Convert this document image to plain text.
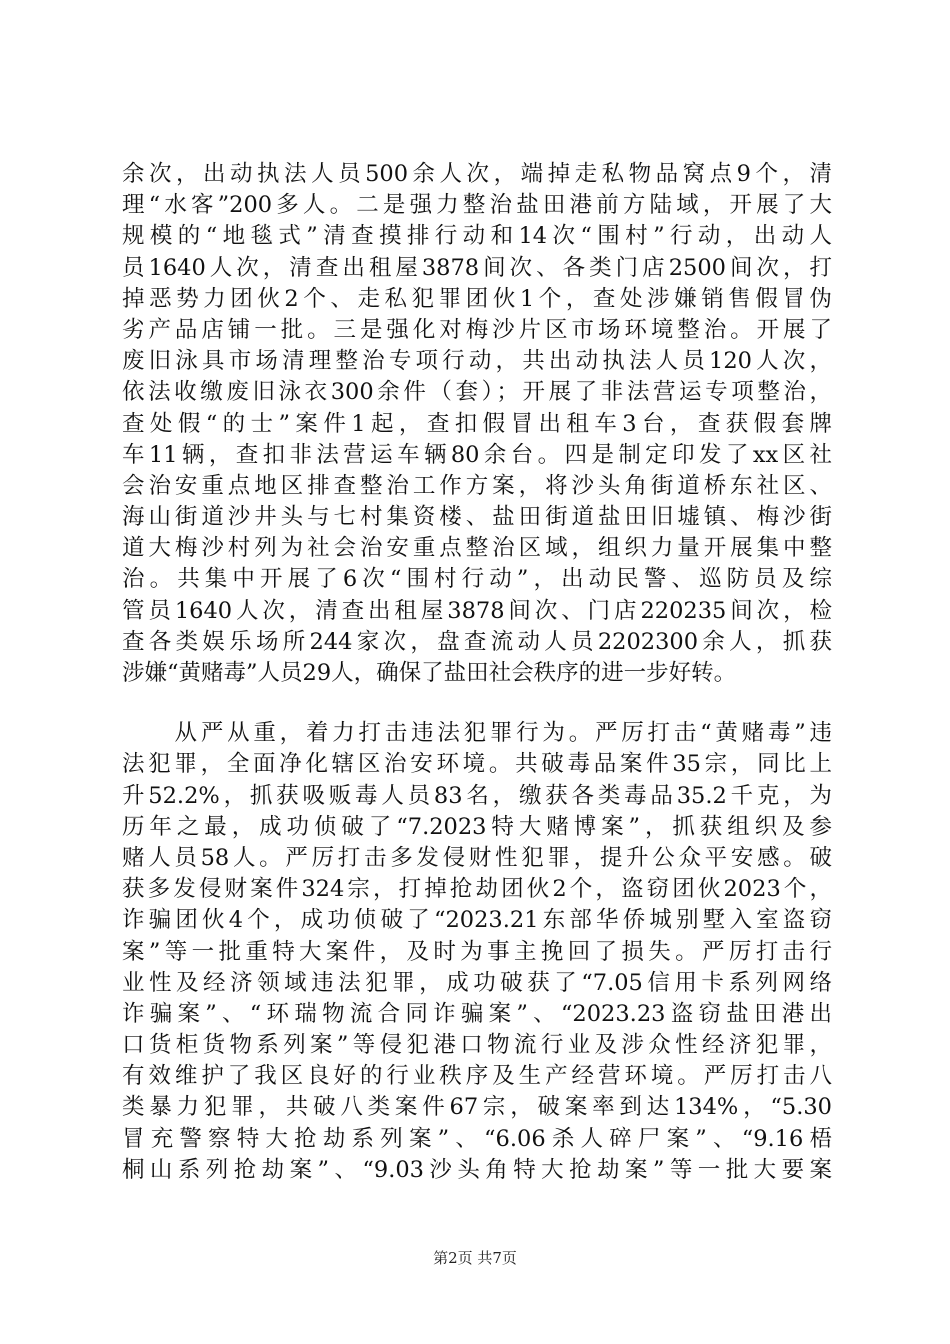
余次，出动执法人员500余人次，端掉走私物品窝点9个，清
理“水客”200多人。二是强力整治盐田港前方陆域，开展了大
规模的“地毯式”清查摸排行动和14次“围村”行动，出动人
员1640人次，清查出租屋3878间次、各类门店2500间次，打
掉恶势力团伙2个、走私犯罪团伙1个，查处涉嫌销售假冒伪
劣产品店铺一批。三是强化对梅沙片区市场环境整治。开展了
废旧泳具市场清理整治专项行动，共出动执法人员120人次，
依法收缴废旧泳衣300余件（套）；开展了非法营运专项整治，
查处假“的士”案件1起，查扣假冒出租车3台，查获假套牌
车11辆，查扣非法营运车辆80余台。四是制定印发了xx区社
会治安重点地区排查整治工作方案，将沙头角街道桥东社区、
海山街道沙井头与七村集资楼、盐田街道盐田旧墟镇、梅沙街
道大梅沙村列为社会治安重点整治区域，组织力量开展集中整
治。共集中开展了6次“围村行动”，出动民警、巡防员及综
管员1640人次，清查出租屋3878间次、门店220235间次，检
查各类娱乐场所244家次，盘查流动人员2202300余人，抓获
涉嫌“黄赌毒”人员29人，确保了盐田社会秩序的进一步好转。
　　从严从重，着力打击违法犯罪行为。严厉打击“黄赌毒”违
法犯罪，全面净化辖区治安环境。共破毒品案件35宗，同比上
升52.2%，抓获吸贩毒人员83名，缴获各类毒品35.2千克，为
历年之最，成功侦破了“7.2023特大赌博案”，抓获组织及参
赌人员58人。严厉打击多发侵财性犯罪，提升公众平安感。破
获多发侵财案件324宗，打掉抢劫团伙2个，盗窃团伙2023个，
诈骗团伙4个，成功侦破了“2023.21东部华侨城别墅入室盗窃
案”等一批重特大案件，及时为事主挽回了损失。严厉打击行
业性及经济领域违法犯罪，成功破获了“7.05信用卡系列网络
诈骗案”、“环瑞物流合同诈骗案”、“2023.23盗窃盐田港出
口货柜货物系列案”等侵犯港口物流行业及涉众性经济犯罪，
有效维护了我区良好的行业秩序及生产经营环境。严厉打击八
类暴力犯罪，共破八类案件67宗，破案率到达134%，“5.30
冒充警察特大抢劫系列案”、“6.06杀人碎尸案”、“9.16梧
桐山系列抢劫案”、“9.03沙头角特大抢劫案”等一批大要案
第2页 共7页
